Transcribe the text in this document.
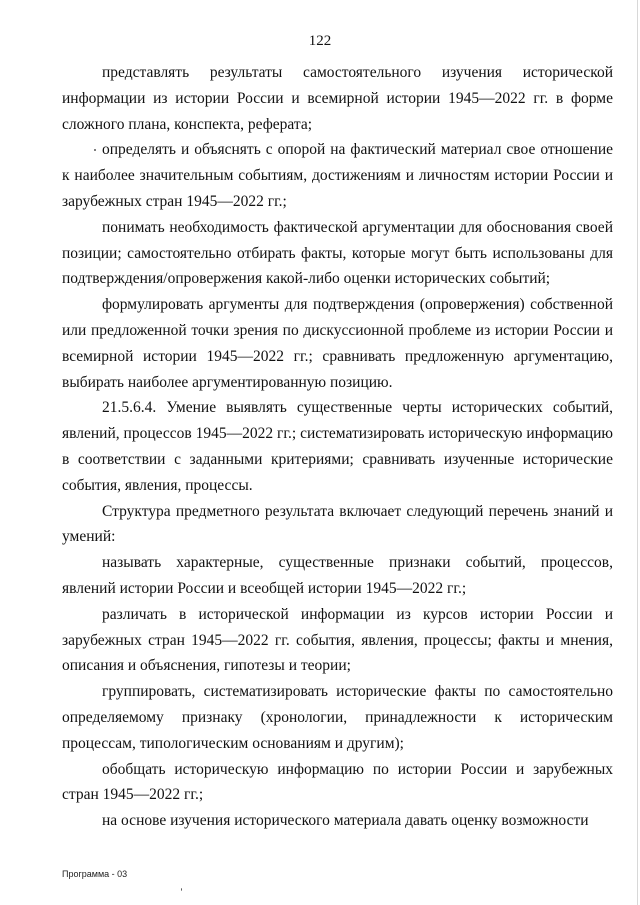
122

представлять результаты самостоятельного изучения исторической информации из истории России и всемирной истории 1945—2022 гг. в форме сложного плана, конспекта, реферата;

определять и объяснять с опорой на фактический материал свое отношение к наиболее значительным событиям, достижениям и личностям истории России и зарубежных стран 1945—2022 гг.;

понимать необходимость фактической аргументации для обоснования своей позиции; самостоятельно отбирать факты, которые могут быть использованы для подтверждения/опровержения какой-либо оценки исторических событий;

формулировать аргументы для подтверждения (опровержения) собственной или предложенной точки зрения по дискуссионной проблеме из истории России и всемирной истории 1945—2022 гг.; сравнивать предложенную аргументацию, выбирать наиболее аргументированную позицию.

21.5.6.4. Умение выявлять существенные черты исторических событий, явлений, процессов 1945—2022 гг.; систематизировать историческую информацию в соответствии с заданными критериями; сравнивать изученные исторические события, явления, процессы.

Структура предметного результата включает следующий перечень знаний и умений:

называть характерные, существенные признаки событий, процессов, явлений истории России и всеобщей истории 1945—2022 гг.;

различать в исторической информации из курсов истории России и зарубежных стран 1945—2022 гг. события, явления, процессы; факты и мнения, описания и объяснения, гипотезы и теории;

группировать, систематизировать исторические факты по самостоятельно определяемому признаку (хронологии, принадлежности к историческим процессам, типологическим основаниям и другим);

обобщать историческую информацию по истории России и зарубежных стран 1945—2022 гг.;

на основе изучения исторического материала давать оценку возможности

Программа - 03
